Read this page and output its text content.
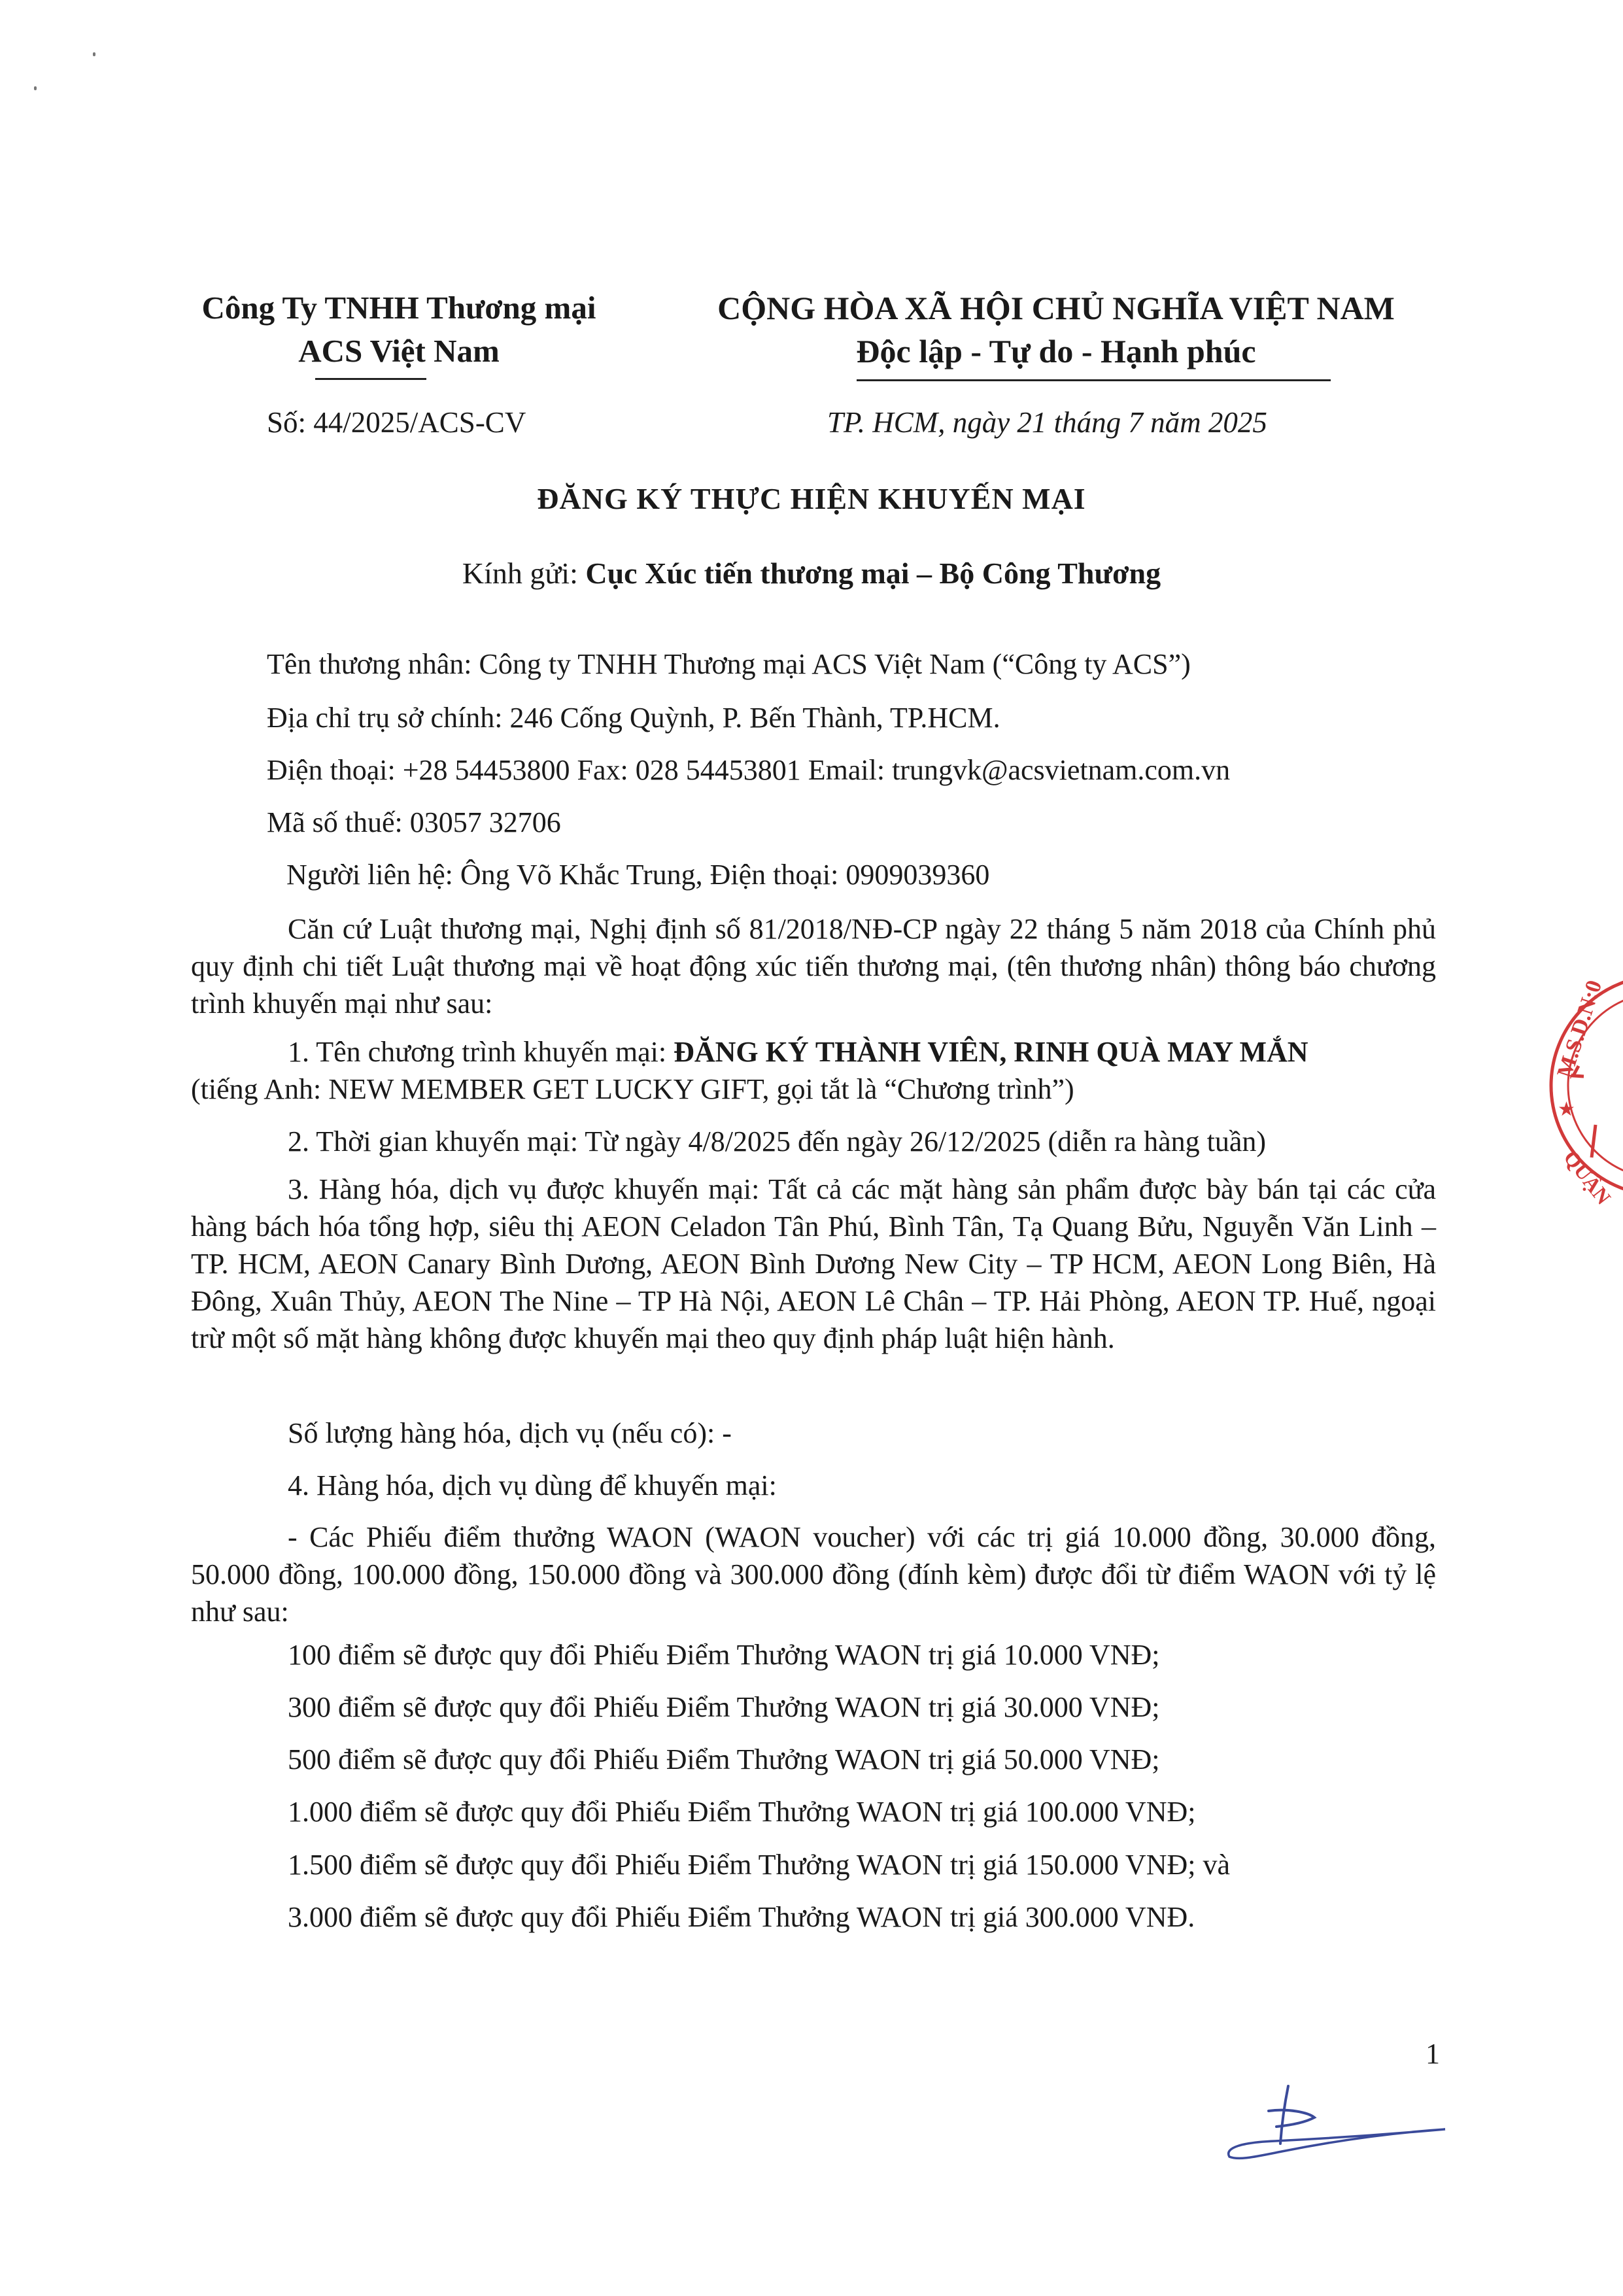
Công Ty TNHH Thương mại
ACS Việt Nam
CỘNG HÒA XÃ HỘI CHỦ NGHĨA VIỆT NAM
Độc lập - Tự do - Hạnh phúc
Số: 44/2025/ACS-CV	TP. HCM, ngày 21 tháng 7 năm 2025
ĐĂNG KÝ THỰC HIỆN KHUYẾN MẠI
Kính gửi: Cục Xúc tiến thương mại – Bộ Công Thương
Tên thương nhân: Công ty TNHH Thương mại ACS Việt Nam (“Công ty ACS”)
Địa chỉ trụ sở chính: 246 Cống Quỳnh, P. Bến Thành, TP.HCM.
Điện thoại: +28 54453800 Fax: 028 54453801 Email: trungvk@acsvietnam.com.vn
Mã số thuế: 03057 32706
Người liên hệ: Ông Võ Khắc Trung, Điện thoại: 0909039360
Căn cứ Luật thương mại, Nghị định số 81/2018/NĐ-CP ngày 22 tháng 5 năm 2018 của Chính phủ quy định chi tiết Luật thương mại về hoạt động xúc tiến thương mại, (tên thương nhân) thông báo chương trình khuyến mại như sau:
1. Tên chương trình khuyến mại: ĐĂNG KÝ THÀNH VIÊN, RINH QUÀ MAY MẮN
(tiếng Anh: NEW MEMBER GET LUCKY GIFT, gọi tắt là “Chương trình”)
2. Thời gian khuyến mại: Từ ngày 4/8/2025 đến ngày 26/12/2025 (diễn ra hàng tuần)
3. Hàng hóa, dịch vụ được khuyến mại: Tất cả các mặt hàng sản phẩm được bày bán tại các cửa hàng bách hóa tổng hợp, siêu thị AEON Celadon Tân Phú, Bình Tân, Tạ Quang Bửu, Nguyễn Văn Linh – TP. HCM, AEON Canary Bình Dương, AEON Bình Dương New City – TP HCM, AEON Long Biên, Hà Đông, Xuân Thủy, AEON The Nine – TP Hà Nội, AEON Lê Chân – TP. Hải Phòng, AEON TP. Huế, ngoại trừ một số mặt hàng không được khuyến mại theo quy định pháp luật hiện hành.
Số lượng hàng hóa, dịch vụ (nếu có): -
4. Hàng hóa, dịch vụ dùng để khuyến mại:
- Các Phiếu điểm thưởng WAON (WAON voucher) với các trị giá 10.000 đồng, 30.000 đồng, 50.000 đồng, 100.000 đồng, 150.000 đồng và 300.000 đồng (đính kèm) được đổi từ điểm WAON với tỷ lệ như sau:
100 điểm sẽ được quy đổi Phiếu Điểm Thưởng WAON trị giá 10.000 VNĐ;
300 điểm sẽ được quy đổi Phiếu Điểm Thưởng WAON trị giá 30.000 VNĐ;
500 điểm sẽ được quy đổi Phiếu Điểm Thưởng WAON trị giá 50.000 VNĐ;
1.000 điểm sẽ được quy đổi Phiếu Điểm Thưởng WAON trị giá 100.000 VNĐ;
1.500 điểm sẽ được quy đổi Phiếu Điểm Thưởng WAON trị giá 150.000 VNĐ; và
3.000 điểm sẽ được quy đổi Phiếu Điểm Thưởng WAON trị giá 300.000 VNĐ.
1
M.S.D.N:0
★
QUẬN
